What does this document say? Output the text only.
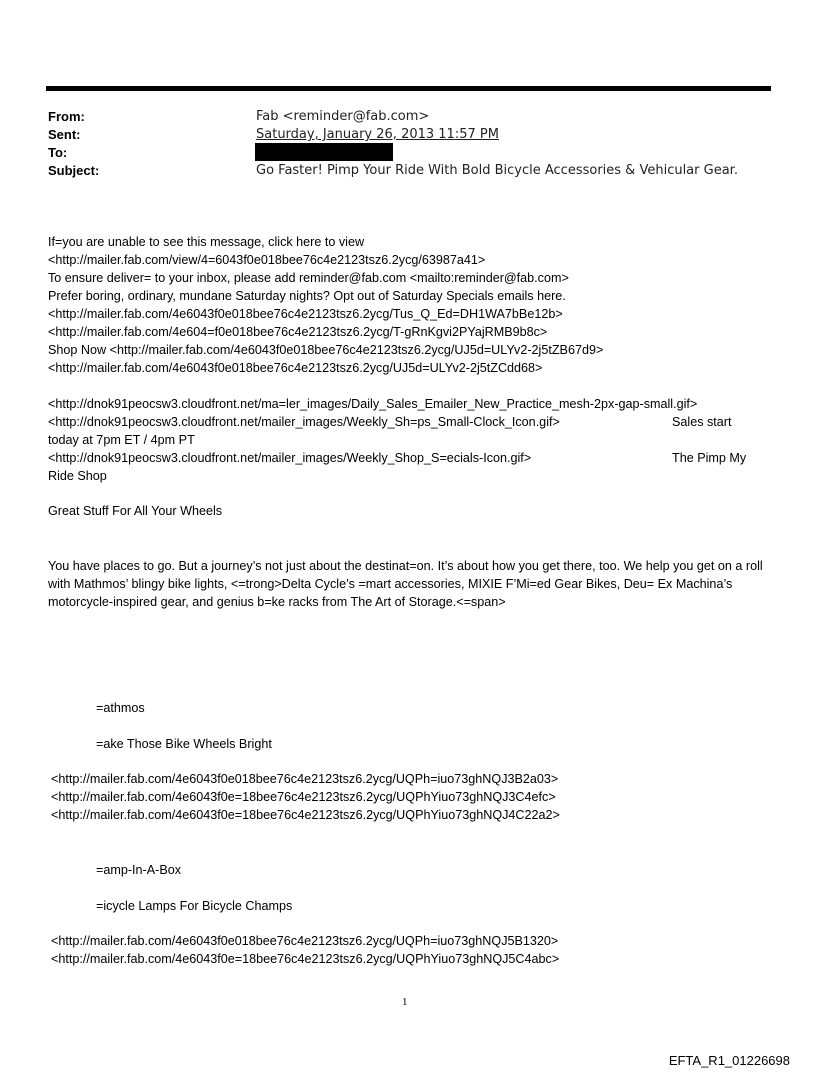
From:	Fab <reminder@fab.com>
Sent:	Saturday, January 26, 2013 11:57 PM
To:
Subject:	Go Faster! Pimp Your Ride With Bold Bicycle Accessories & Vehicular Gear.
If=you are unable to see this message, click here to view
<http://mailer.fab.com/view/4=6043f0e018bee76c4e2123tsz6.2ycg/63987a41>
To ensure deliver= to your inbox, please add reminder@fab.com <mailto:reminder@fab.com>
Prefer boring, ordinary, mundane Saturday nights? Opt out of Saturday Specials emails here.
<http://mailer.fab.com/4e6043f0e018bee76c4e2123tsz6.2ycg/Tus_Q_Ed=DH1WA7bBe12b>
<http://mailer.fab.com/4e604=f0e018bee76c4e2123tsz6.2ycg/T-gRnKgvi2PYajRMB9b8c>
Shop Now <http://mailer.fab.com/4e6043f0e018bee76c4e2123tsz6.2ycg/UJ5d=ULYv2-2j5tZB67d9>
<http://mailer.fab.com/4e6043f0e018bee76c4e2123tsz6.2ycg/UJ5d=ULYv2-2j5tZCdd68>
<http://dnok91peocsw3.cloudfront.net/ma=ler_images/Daily_Sales_Emailer_New_Practice_mesh-2px-gap-small.gif>
<http://dnok91peocsw3.cloudfront.net/mailer_images/Weekly_Sh=ps_Small-Clock_Icon.gif>	Sales start
today at 7pm ET / 4pm PT
<http://dnok91peocsw3.cloudfront.net/mailer_images/Weekly_Shop_S=ecials-Icon.gif>	The Pimp My
Ride Shop
Great Stuff For All Your Wheels
You have places to go. But a journey’s not just about the destinat=on. It’s about how you get there, too. We help you get on a roll with Mathmos’ blingy bike lights, <=trong>Delta Cycle’s =mart accessories, MIXIE F’Mi=ed Gear Bikes, Deu= Ex Machina’s motorcycle-inspired gear, and genius b=ke racks from The Art of Storage.<=span>
=athmos
=ake Those Bike Wheels Bright
<http://mailer.fab.com/4e6043f0e018bee76c4e2123tsz6.2ycg/UQPh=iuo73ghNQJ3B2a03>
<http://mailer.fab.com/4e6043f0e=18bee76c4e2123tsz6.2ycg/UQPhYiuo73ghNQJ3C4efc>
<http://mailer.fab.com/4e6043f0e=18bee76c4e2123tsz6.2ycg/UQPhYiuo73ghNQJ4C22a2>
=amp-In-A-Box
=icycle Lamps For Bicycle Champs
<http://mailer.fab.com/4e6043f0e018bee76c4e2123tsz6.2ycg/UQPh=iuo73ghNQJ5B1320>
<http://mailer.fab.com/4e6043f0e=18bee76c4e2123tsz6.2ycg/UQPhYiuo73ghNQJ5C4abc>
1
EFTA_R1_01226698
